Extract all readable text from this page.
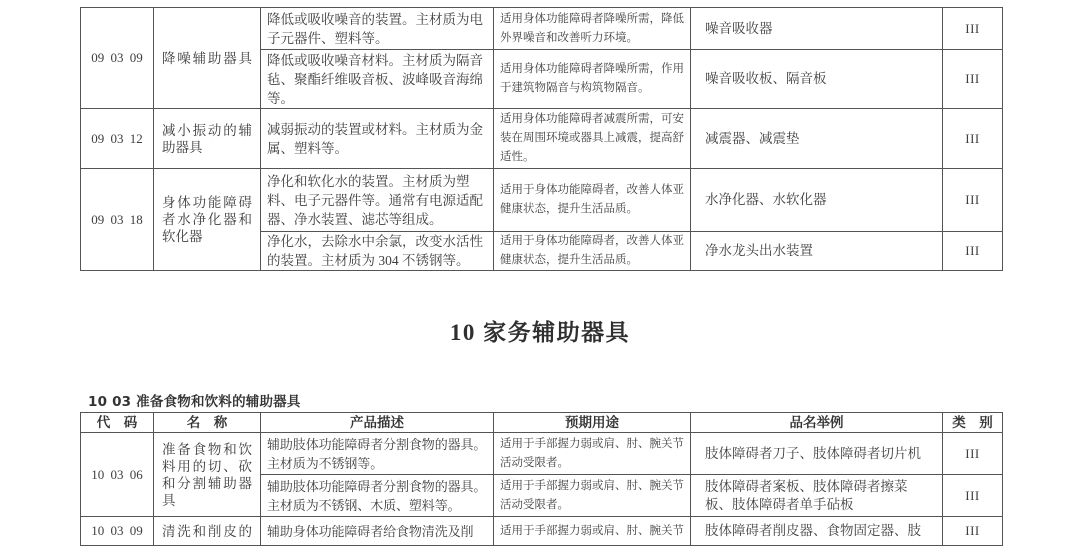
09 03 09	降噪辅助器具	降低或吸收噪音的装置。主材质为电子元器件、塑料等。	适用身体功能障碍者降噪所需，降低外界噪音和改善听力环境。	噪音吸收器	III
		降低或吸收噪音材料。主材质为隔音毡、聚酯纤维吸音板、波峰吸音海绵等。	适用身体功能障碍者降噪所需，作用于建筑物隔音与构筑物隔音。	噪音吸收板、隔音板	III
09 03 12	减小振动的辅助器具	减弱振动的装置或材料。主材质为金属、塑料等。	适用身体功能障碍者减震所需，可安装在周围环境或器具上减震，提高舒适性。	减震器、减震垫	III
09 03 18	身体功能障碍者水净化器和软化器	净化和软化水的装置。主材质为塑料、电子元器件等。通常有电源适配器、净水装置、滤芯等组成。	适用于身体功能障碍者，改善人体亚健康状态，提升生活品质。	水净化器、水软化器	III
		净化水，去除水中余氯，改变水活性的装置。主材质为 304 不锈钢等。	适用于身体功能障碍者，改善人体亚健康状态，提升生活品质。	净水龙头出水装置	III
10 家务辅助器具
10 03 准备食物和饮料的辅助器具
代　码	名　称	产品描述	预期用途	品名举例	类　别
10 03 06	准备食物和饮料用的切、砍和分割辅助器具	辅助肢体功能障碍者分割食物的器具。主材质为不锈钢等。	适用于手部握力弱或肩、肘、腕关节活动受限者。	肢体障碍者刀子、肢体障碍者切片机	III
		辅助肢体功能障碍者分割食物的器具。主材质为不锈钢、木质、塑料等。	适用于手部握力弱或肩、肘、腕关节活动受限者。	肢体障碍者案板、肢体障碍者擦菜板、肢体障碍者单手砧板	III
10 03 09	清洗和削皮的	辅助身体功能障碍者给食物清洗及削	适用于手部握力弱或肩、肘、腕关节	肢体障碍者削皮器、食物固定器、肢	III
